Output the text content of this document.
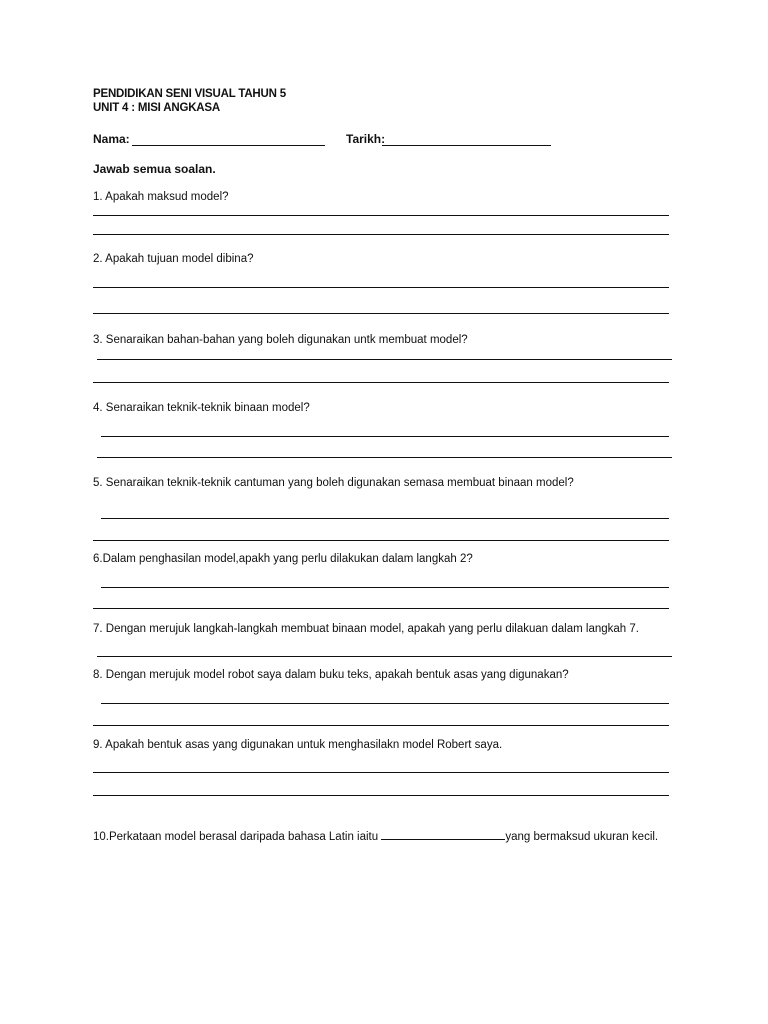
PENDIDIKAN SENI VISUAL TAHUN 5
UNIT 4 : MISI ANGKASA
Nama:	Tarikh:
Jawab semua soalan.
1. Apakah maksud model?
2. Apakah tujuan model dibina?
3. Senaraikan bahan-bahan yang boleh digunakan untk membuat model?
4. Senaraikan teknik-teknik binaan model?
5. Senaraikan teknik-teknik cantuman yang boleh digunakan semasa membuat binaan model?
6.Dalam penghasilan model,apakh yang perlu dilakukan dalam langkah 2?
7. Dengan merujuk langkah-langkah membuat binaan model, apakah yang perlu dilakuan dalam langkah 7.
8. Dengan merujuk model robot saya dalam buku teks, apakah bentuk asas yang digunakan?
9. Apakah bentuk asas yang digunakan untuk menghasilakn model Robert saya.
10.Perkataan model berasal daripada bahasa Latin iaitu	yang bermaksud ukuran kecil.
